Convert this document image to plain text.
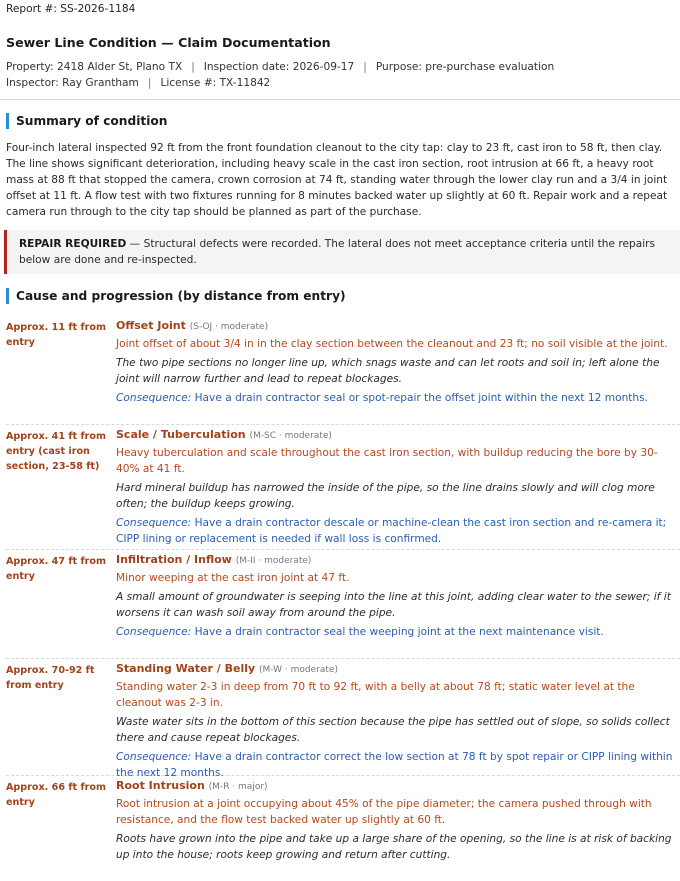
Report #: SS-2026-1184
Sewer Line Condition — Claim Documentation
Property: 2418 Alder St, Plano TX | Inspection date: 2026-09-17 | Purpose: pre-purchase evaluation
Inspector: Ray Grantham | License #: TX-11842
Summary of condition
Four-inch lateral inspected 92 ft from the front foundation cleanout to the city tap: clay to 23 ft, cast iron to 58 ft, then clay. The line shows significant deterioration, including heavy scale in the cast iron section, root intrusion at 66 ft, a heavy root mass at 88 ft that stopped the camera, crown corrosion at 74 ft, standing water through the lower clay run and a 3/4 in joint offset at 11 ft. A flow test with two fixtures running for 8 minutes backed water up slightly at 60 ft. Repair work and a repeat camera run through to the city tap should be planned as part of the purchase.
REPAIR REQUIRED — Structural defects were recorded. The lateral does not meet acceptance criteria until the repairs below are done and re-inspected.
Cause and progression (by distance from entry)
Approx. 11 ft from entry
Offset Joint (S-OJ · moderate)
Joint offset of about 3/4 in in the clay section between the cleanout and 23 ft; no soil visible at the joint.
The two pipe sections no longer line up, which snags waste and can let roots and soil in; left alone the joint will narrow further and lead to repeat blockages.
Consequence: Have a drain contractor seal or spot-repair the offset joint within the next 12 months.
Approx. 41 ft from entry (cast iron section, 23-58 ft)
Scale / Tuberculation (M-SC · moderate)
Heavy tuberculation and scale throughout the cast iron section, with buildup reducing the bore by 30-40% at 41 ft.
Hard mineral buildup has narrowed the inside of the pipe, so the line drains slowly and will clog more often; the buildup keeps growing.
Consequence: Have a drain contractor descale or machine-clean the cast iron section and re-camera it; CIPP lining or replacement is needed if wall loss is confirmed.
Approx. 47 ft from entry
Infiltration / Inflow (M-II · moderate)
Minor weeping at the cast iron joint at 47 ft.
A small amount of groundwater is seeping into the line at this joint, adding clear water to the sewer; if it worsens it can wash soil away from around the pipe.
Consequence: Have a drain contractor seal the weeping joint at the next maintenance visit.
Approx. 70-92 ft from entry
Standing Water / Belly (M-W · moderate)
Standing water 2-3 in deep from 70 ft to 92 ft, with a belly at about 78 ft; static water level at the cleanout was 2-3 in.
Waste water sits in the bottom of this section because the pipe has settled out of slope, so solids collect there and cause repeat blockages.
Consequence: Have a drain contractor correct the low section at 78 ft by spot repair or CIPP lining within the next 12 months.
Approx. 66 ft from entry
Root Intrusion (M-R · major)
Root intrusion at a joint occupying about 45% of the pipe diameter; the camera pushed through with resistance, and the flow test backed water up slightly at 60 ft.
Roots have grown into the pipe and take up a large share of the opening, so the line is at risk of backing up into the house; roots keep growing and return after cutting.
